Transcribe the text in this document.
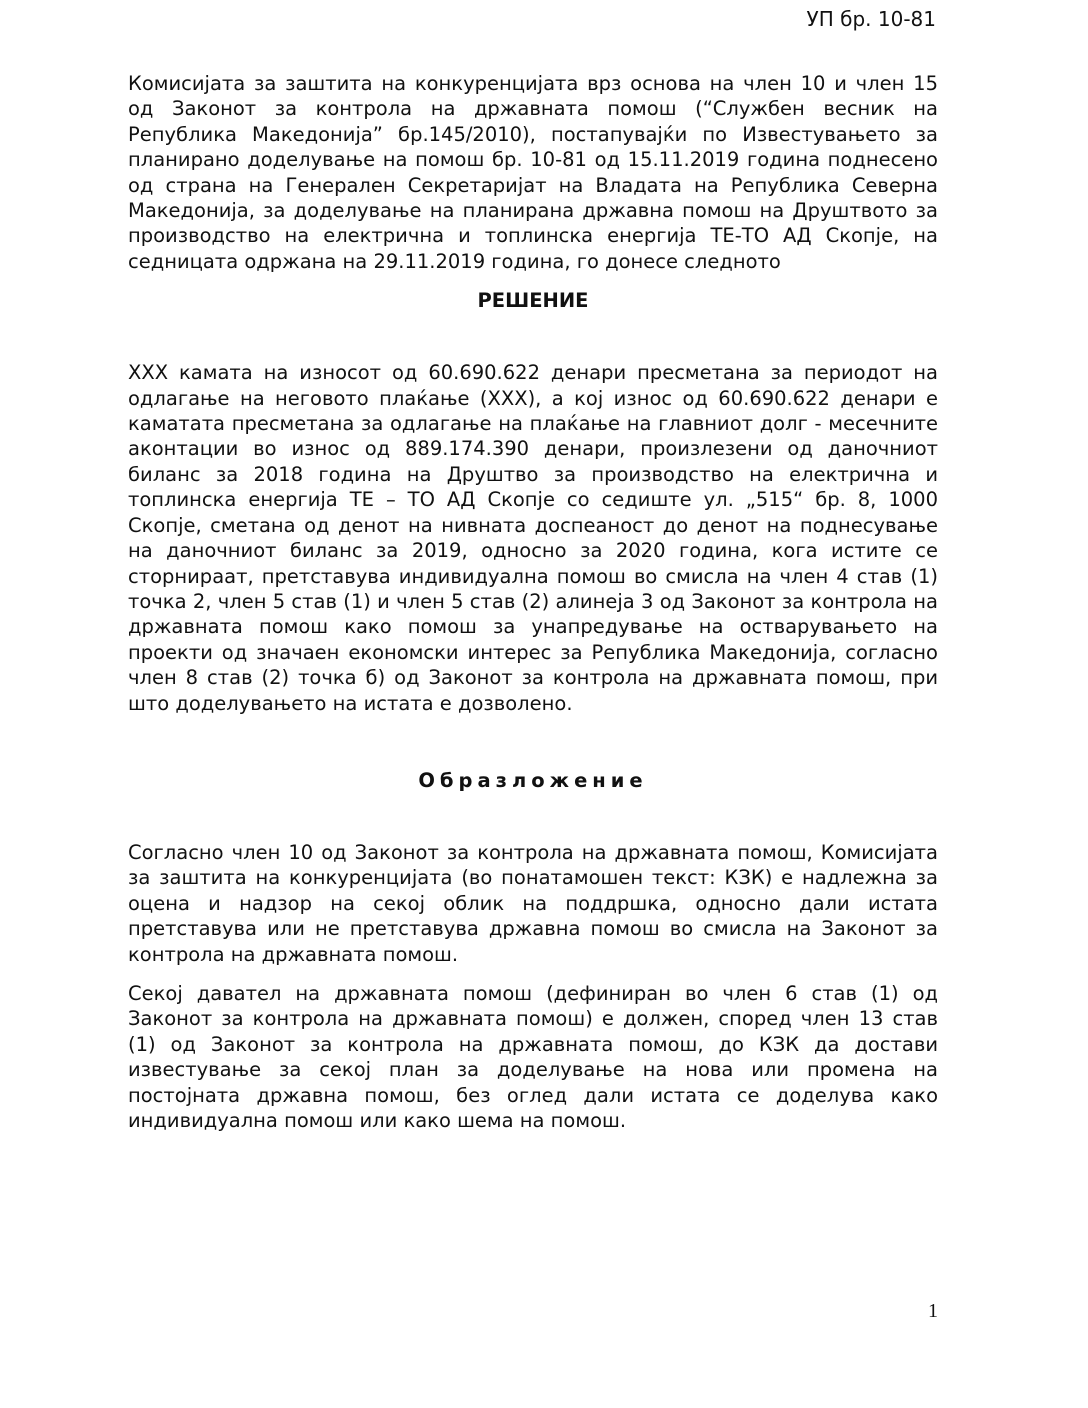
УП бр. 10-81

Комисијата за заштита на конкуренцијата врз основа на член 10 и член 15 од Законот за контрола на државната помош (“Службен весник на Република Македонија” бр.145/2010), постапувајќи по Известувањето за планирано доделување на помош бр. 10-81 од 15.11.2019 година поднесено од страна на Генерален Секретаријат на Владата на Република Северна Македонија, за доделување на планирана државна помош на Друштвото за производство на електрична и топлинска енергија ТЕ-ТО АД Скопје, на седницата одржана на 29.11.2019 година, го донесе следното

РЕШЕНИЕ

XXX камата на износот од 60.690.622 денари пресметана за периодот на одлагање на неговото плаќање (XXX), а кој износ од 60.690.622 денари е каматата пресметана за одлагање на плаќање на главниот долг - месечните аконтации во износ од 889.174.390 денари, произлезени од даночниот биланс за 2018 година на Друштво за производство на електрична и топлинска енергија ТЕ – ТО АД Скопје со седиште ул. „515“ бр. 8, 1000 Скопје, сметана од денот на нивната доспеаност до денот на поднесување на даночниот биланс за 2019, односно за 2020 година, кога истите се сторнираат, претставува индивидуална помош во смисла на член 4 став (1) точка 2, член 5 став (1) и член 5 став (2) алинеја 3 од Законот за контрола на државната помош како помош за унапредување на остварувањето на проекти од значаен економски интерес за Република Македонија, согласно член 8 став (2) точка б) од Законот за контрола на државната помош, при што доделувањето на истата е дозволено.

Образложение

Согласно член 10 од Законот за контрола на државната помош, Комисијата за заштита на конкуренцијата (во понатамошен текст: КЗК) е надлежна за оцена и надзор на секој облик на поддршка, односно дали истата претставува или не претставува државна помош во смисла на Законот за контрола на државната помош.

Секој давател на државната помош (дефиниран во член 6 став (1) од Законот за контрола на државната помош) е должен, според член 13 став (1) од Законот за контрола на државната помош, до КЗК да достави известување за секој план за доделување на нова или промена на постојната државна помош, без оглед дали истата се доделува како индивидуална помош или како шема на помош.

1
